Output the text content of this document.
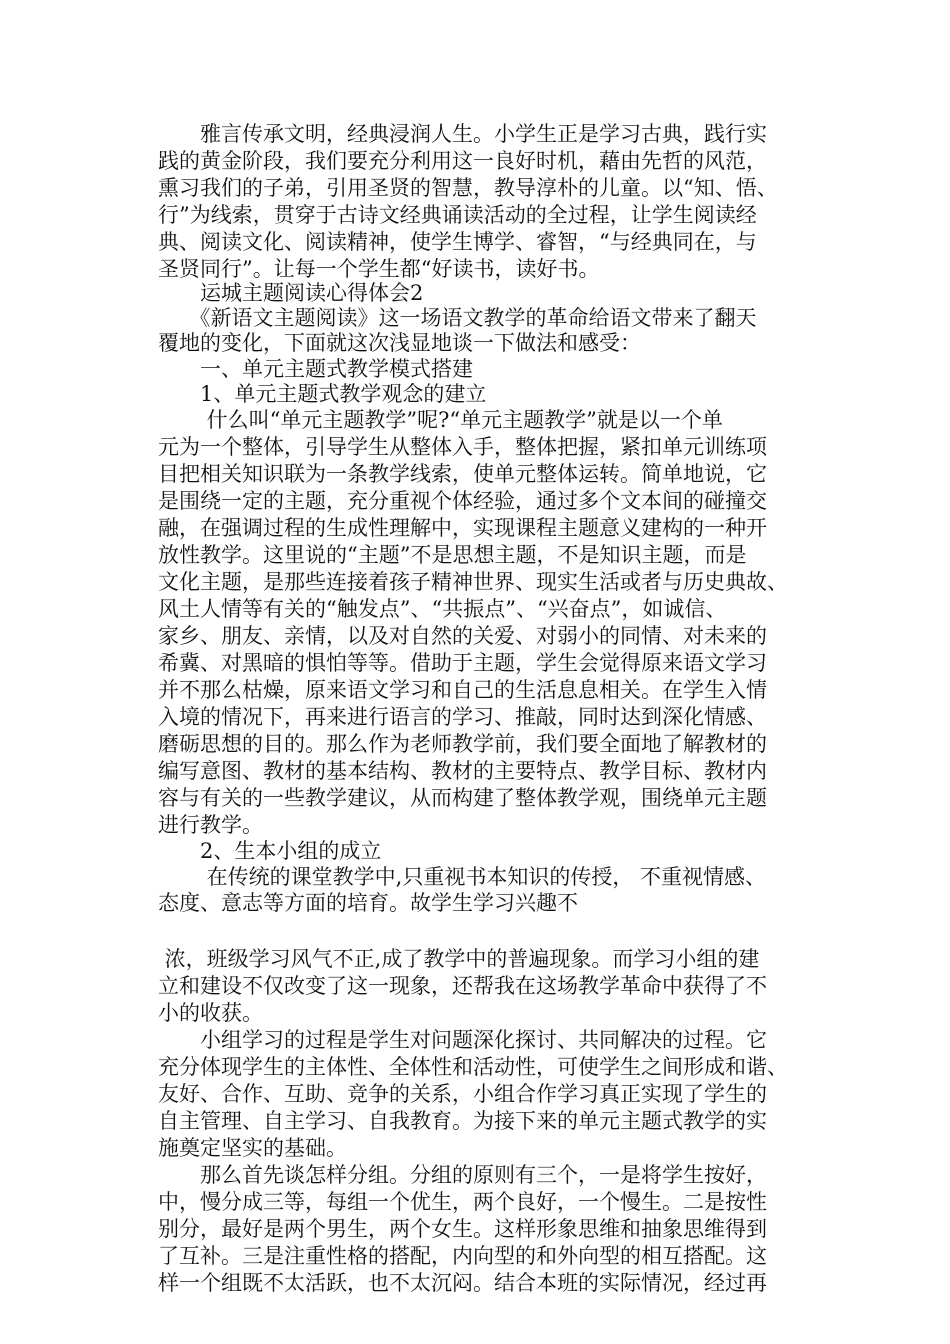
　　雅言传承文明，经典浸润人生。小学生正是学习古典，践行实
践的黄金阶段，我们要充分利用这一良好时机，藉由先哲的风范，
熏习我们的子弟，引用圣贤的智慧，教导淳朴的儿童。以“知、悟、
行”为线索，贯穿于古诗文经典诵读活动的全过程，让学生阅读经
典、阅读文化、阅读精神，使学生博学、睿智，“与经典同在，与
圣贤同行”。让每一个学生都“好读书，读好书。
　　运城主题阅读心得体会2
　　《新语文主题阅读》这一场语文教学的革命给语文带来了翻天
覆地的变化，下面就这次浅显地谈一下做法和感受：
　　一、单元主题式教学模式搭建
　　1、单元主题式教学观念的建立
　　 什么叫“单元主题教学”呢?“单元主题教学”就是以一个单
元为一个整体，引导学生从整体入手，整体把握，紧扣单元训练项
目把相关知识联为一条教学线索，使单元整体运转。简单地说，它
是围绕一定的主题，充分重视个体经验，通过多个文本间的碰撞交
融，在强调过程的生成性理解中，实现课程主题意义建构的一种开
放性教学。这里说的“主题”不是思想主题，不是知识主题，而是
文化主题，是那些连接着孩子精神世界、现实生活或者与历史典故、
风土人情等有关的“触发点”、“共振点”、“兴奋点”，如诚信、
家乡、朋友、亲情，以及对自然的关爱、对弱小的同情、对未来的
希冀、对黑暗的惧怕等等。借助于主题，学生会觉得原来语文学习
并不那么枯燥，原来语文学习和自己的生活息息相关。在学生入情
入境的情况下，再来进行语言的学习、推敲，同时达到深化情感、
磨砺思想的目的。那么作为老师教学前，我们要全面地了解教材的
编写意图、教材的基本结构、教材的主要特点、教学目标、教材内
容与有关的一些教学建议，从而构建了整体教学观，围绕单元主题
进行教学。
　　2、生本小组的成立
　　 在传统的课堂教学中,只重视书本知识的传授， 不重视情感、
态度、意志等方面的培育。故学生学习兴趣不
浓，班级学习风气不正,成了教学中的普遍现象。而学习小组的建
立和建设不仅改变了这一现象，还帮我在这场教学革命中获得了不
小的收获。
　　小组学习的过程是学生对问题深化探讨、共同解决的过程。它
充分体现学生的主体性、全体性和活动性，可使学生之间形成和谐、
友好、合作、互助、竞争的关系，小组合作学习真正实现了学生的
自主管理、自主学习、自我教育。为接下来的单元主题式教学的实
施奠定坚实的基础。
　　那么首先谈怎样分组。分组的原则有三个，一是将学生按好，
中，慢分成三等，每组一个优生，两个良好，一个慢生。二是按性
别分，最好是两个男生，两个女生。这样形象思维和抽象思维得到
了互补。三是注重性格的搭配，内向型的和外向型的相互搭配。这
样一个组既不太活跃，也不太沉闷。结合本班的实际情况，经过再
